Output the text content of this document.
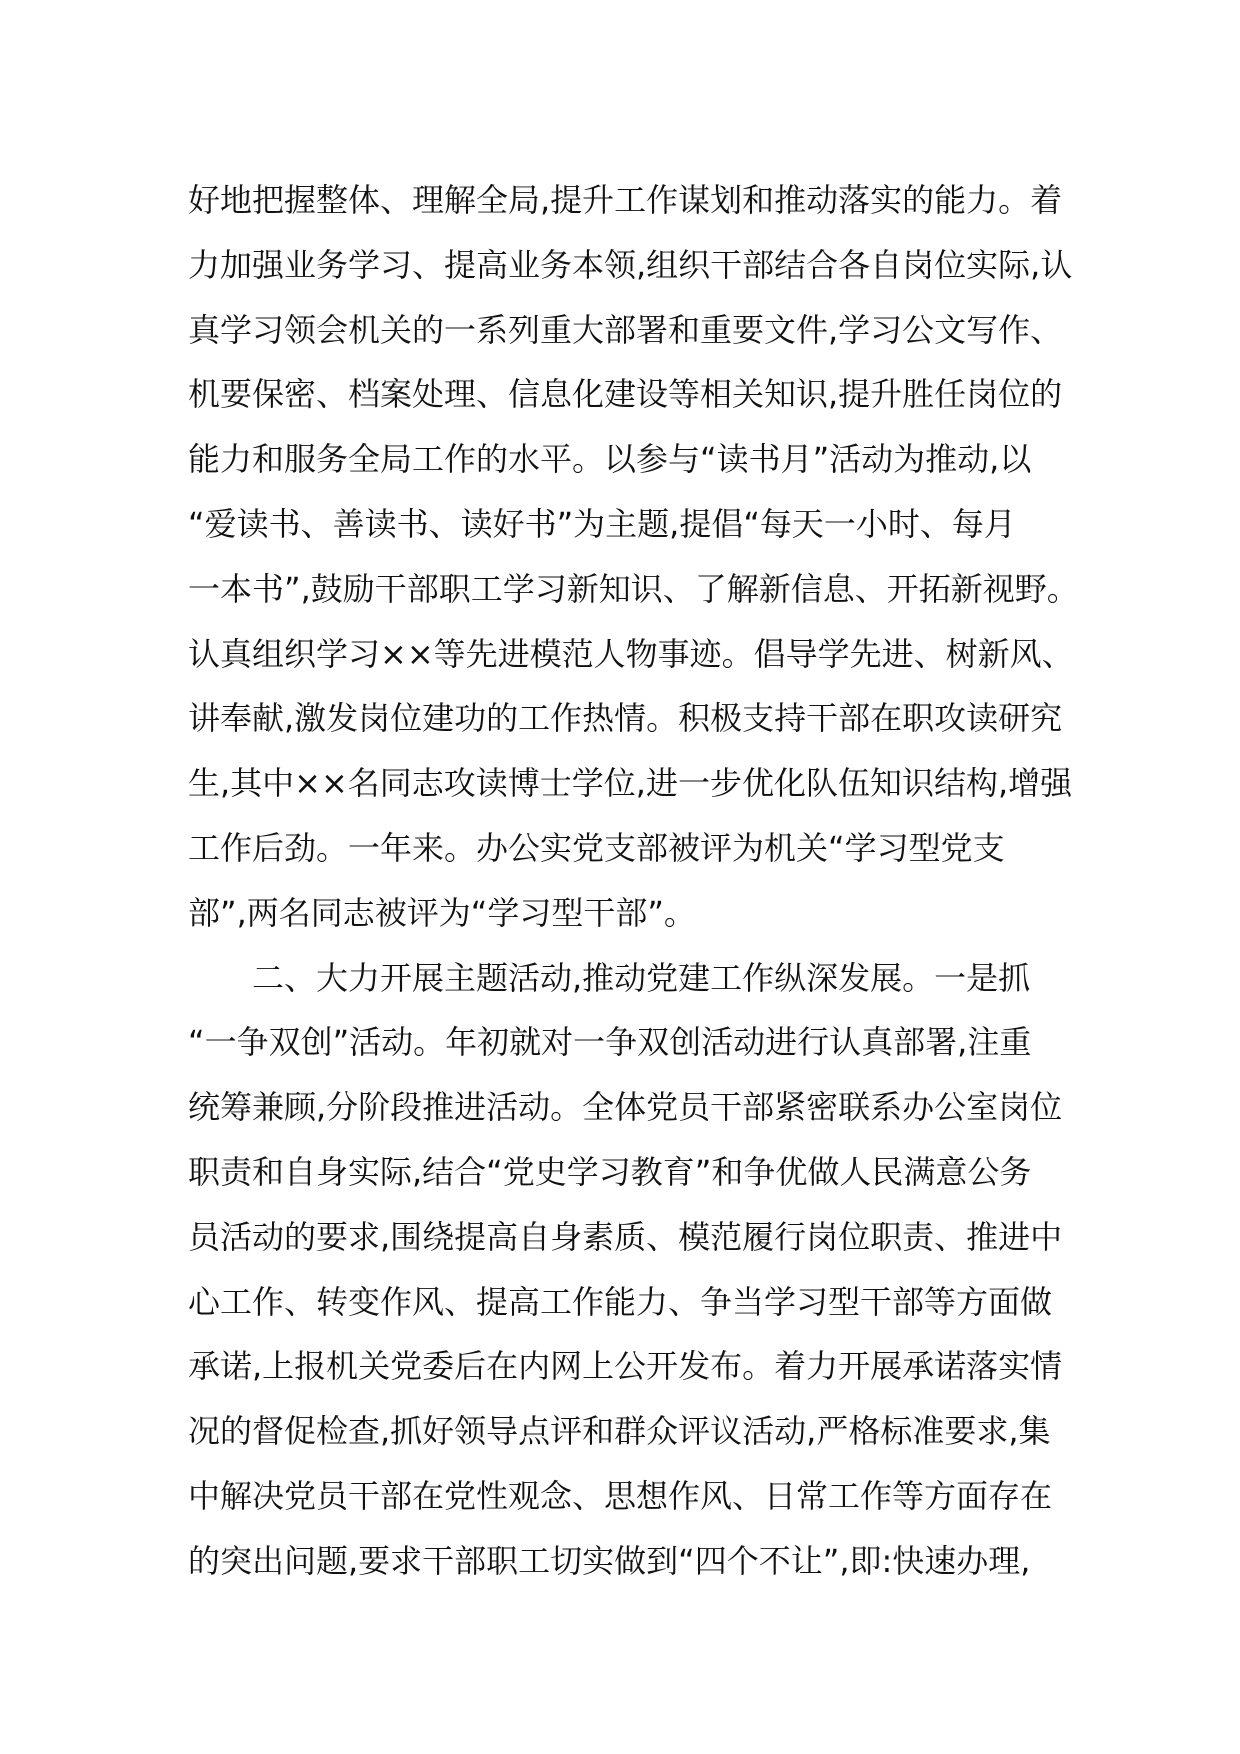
好地把握整体、理解全局,提升工作谋划和推动落实的能力。着
力加强业务学习、提高业务本领,组织干部结合各自岗位实际,认
真学习领会机关的一系列重大部署和重要文件,学习公文写作、
机要保密、档案处理、信息化建设等相关知识,提升胜任岗位的
能力和服务全局工作的水平。以参与“读书月”活动为推动,以
“爱读书、善读书、读好书”为主题,提倡“每天一小时、每月
一本书”,鼓励干部职工学习新知识、了解新信息、开拓新视野。
认真组织学习××等先进模范人物事迹。倡导学先进、树新风、
讲奉献,激发岗位建功的工作热情。积极支持干部在职攻读研究
生,其中××名同志攻读博士学位,进一步优化队伍知识结构,增强
工作后劲。一年来。办公实党支部被评为机关“学习型党支
部”,两名同志被评为“学习型干部”。
二、大力开展主题活动,推动党建工作纵深发展。一是抓
“一争双创”活动。年初就对一争双创活动进行认真部署,注重
统筹兼顾,分阶段推进活动。全体党员干部紧密联系办公室岗位
职责和自身实际,结合“党史学习教育”和争优做人民满意公务
员活动的要求,围绕提高自身素质、模范履行岗位职责、推进中
心工作、转变作风、提高工作能力、争当学习型干部等方面做
承诺,上报机关党委后在内网上公开发布。着力开展承诺落实情
况的督促检查,抓好领导点评和群众评议活动,严格标准要求,集
中解决党员干部在党性观念、思想作风、日常工作等方面存在
的突出问题,要求干部职工切实做到“四个不让”,即:快速办理,
